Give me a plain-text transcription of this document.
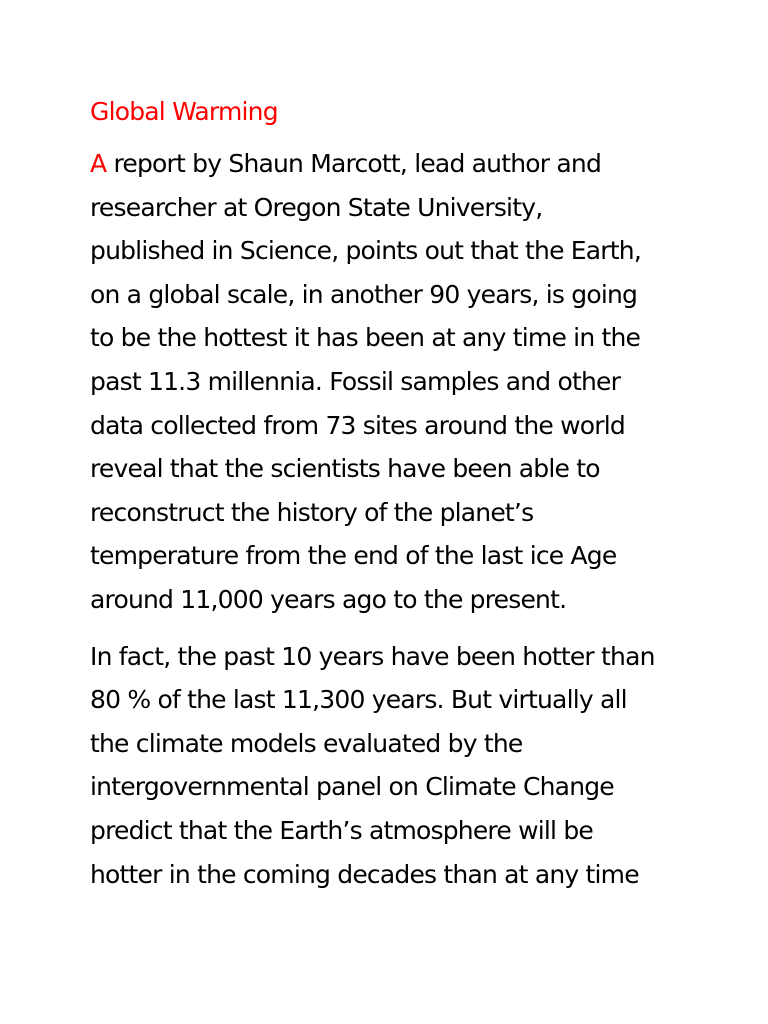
Global Warming
A report by Shaun Marcott, lead author and
researcher at Oregon State University,
published in Science, points out that the Earth,
on a global scale, in another 90 years, is going
to be the hottest it has been at any time in the
past 11.3 millennia. Fossil samples and other
data collected from 73 sites around the world
reveal that the scientists have been able to
reconstruct the history of the planet’s
temperature from the end of the last ice Age
around 11,000 years ago to the present.
In fact, the past 10 years have been hotter than
80 % of the last 11,300 years. But virtually all
the climate models evaluated by the
intergovernmental panel on Climate Change
predict that the Earth’s atmosphere will be
hotter in the coming decades than at any time
